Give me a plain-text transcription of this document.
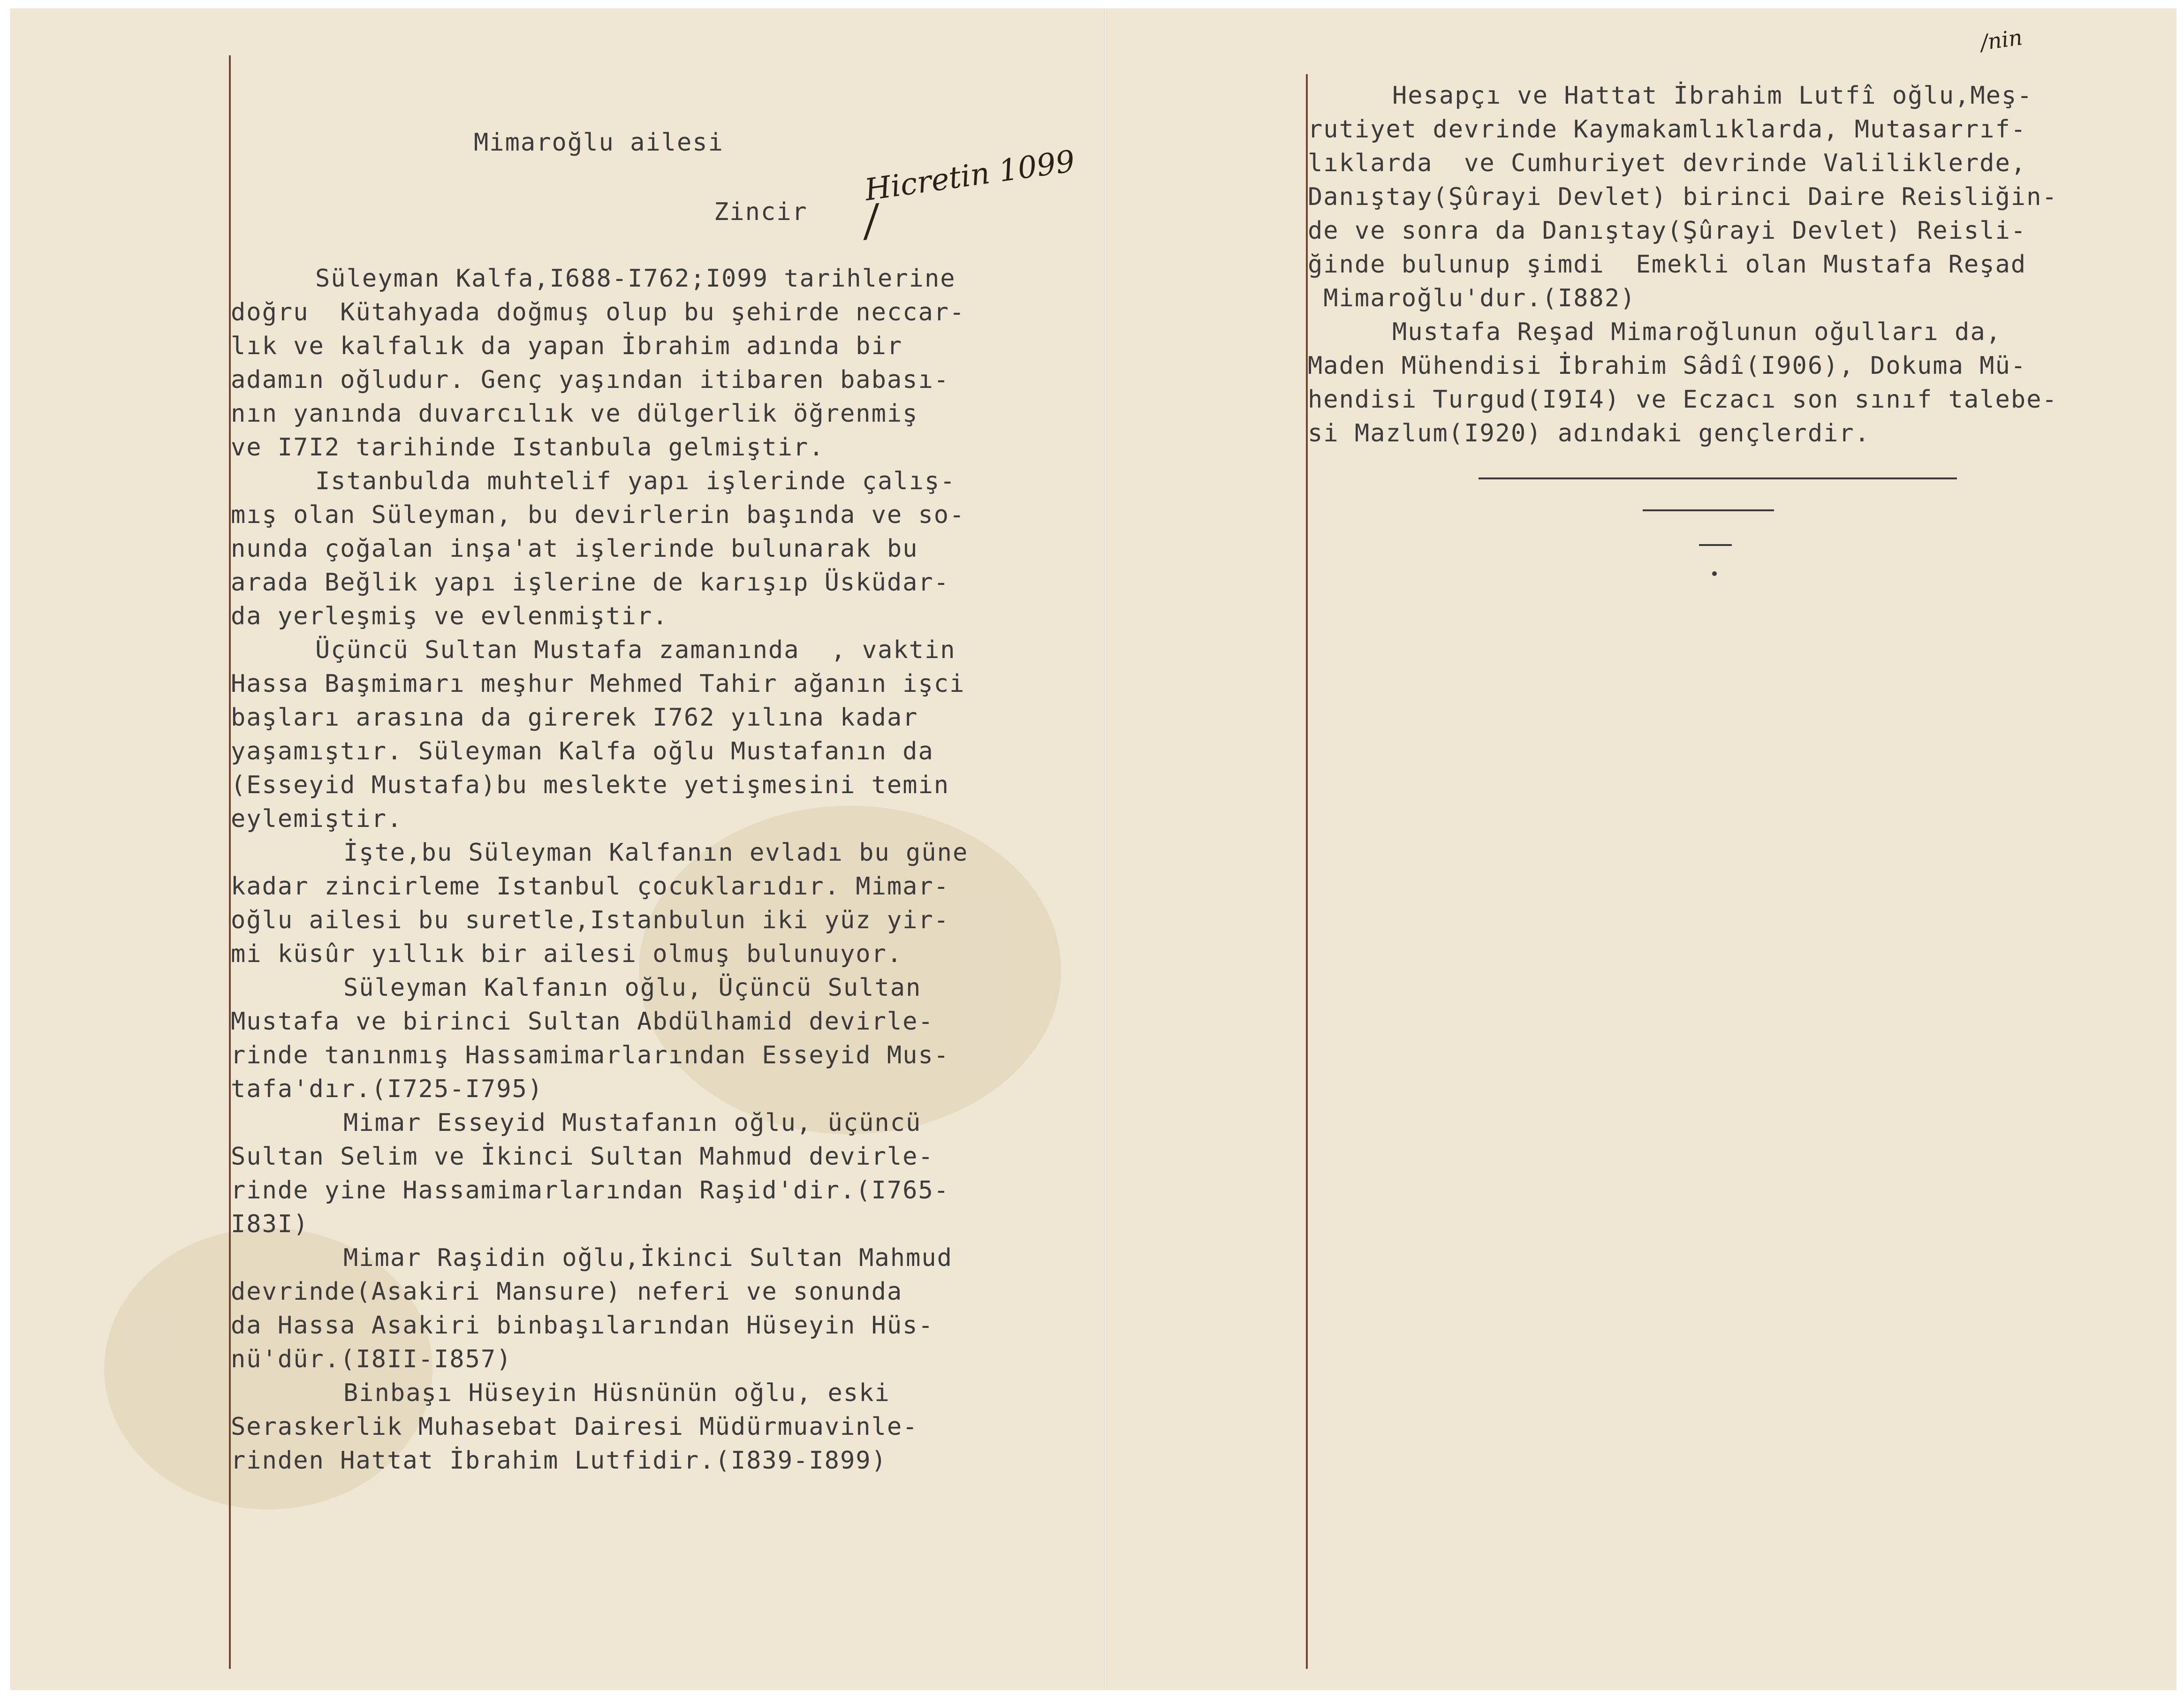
Mimaroğlu ailesi
Zincir
Hicretin 1099
/
Süleyman Kalfa,I688-I762;I099 tarihlerine
doğru  Kütahyada doğmuş olup bu şehirde neccar-
lık ve kalfalık da yapan İbrahim adında bir
adamın oğludur. Genç yaşından itibaren babası-
nın yanında duvarcılık ve dülgerlik öğrenmiş
ve I7I2 tarihinde Istanbula gelmiştir.
Istanbulda muhtelif yapı işlerinde çalış-
mış olan Süleyman, bu devirlerin başında ve so-
nunda çoğalan inşa'at işlerinde bulunarak bu
arada Beğlik yapı işlerine de karışıp Üsküdar-
da yerleşmiş ve evlenmiştir.
Üçüncü Sultan Mustafa zamanında  , vaktin
Hassa Başmimarı meşhur Mehmed Tahir ağanın işci
başları arasına da girerek I762 yılına kadar
yaşamıştır. Süleyman Kalfa oğlu Mustafanın da
(Esseyid Mustafa)bu meslekte yetişmesini temin
eylemiştir.
İşte,bu Süleyman Kalfanın evladı bu güne
kadar zincirleme Istanbul çocuklarıdır. Mimar-
oğlu ailesi bu suretle,Istanbulun iki yüz yir-
mi küsûr yıllık bir ailesi olmuş bulunuyor.
Süleyman Kalfanın oğlu, Üçüncü Sultan
Mustafa ve birinci Sultan Abdülhamid devirle-
rinde tanınmış Hassamimarlarından Esseyid Mus-
tafa'dır.(I725-I795)
Mimar Esseyid Mustafanın oğlu, üçüncü
Sultan Selim ve İkinci Sultan Mahmud devirle-
rinde yine Hassamimarlarından Raşid'dir.(I765-
I83I)
Mimar Raşidin oğlu,İkinci Sultan Mahmud
devrinde(Asakiri Mansure) neferi ve sonunda
da Hassa Asakiri binbaşılarından Hüseyin Hüs-
nü'dür.(I8II-I857)
Binbaşı Hüseyin Hüsnünün oğlu, eski
Seraskerlik Muhasebat Dairesi Müdürmuavinle-
rinden Hattat İbrahim Lutfidir.(I839-I899)
/nin
Hesapçı ve Hattat İbrahim Lutfî oğlu,Meş-
rutiyet devrinde Kaymakamlıklarda, Mutasarrıf-
lıklarda  ve Cumhuriyet devrinde Valiliklerde,
Danıştay(Şûrayi Devlet) birinci Daire Reisliğin-
de ve sonra da Danıştay(Şûrayi Devlet) Reisli-
ğinde bulunup şimdi  Emekli olan Mustafa Reşad
Mimaroğlu'dur.(I882)
Mustafa Reşad Mimaroğlunun oğulları da,
Maden Mühendisi İbrahim Sâdî(I906), Dokuma Mü-
hendisi Turgud(I9I4) ve Eczacı son sınıf talebe-
si Mazlum(I920) adındaki gençlerdir.
